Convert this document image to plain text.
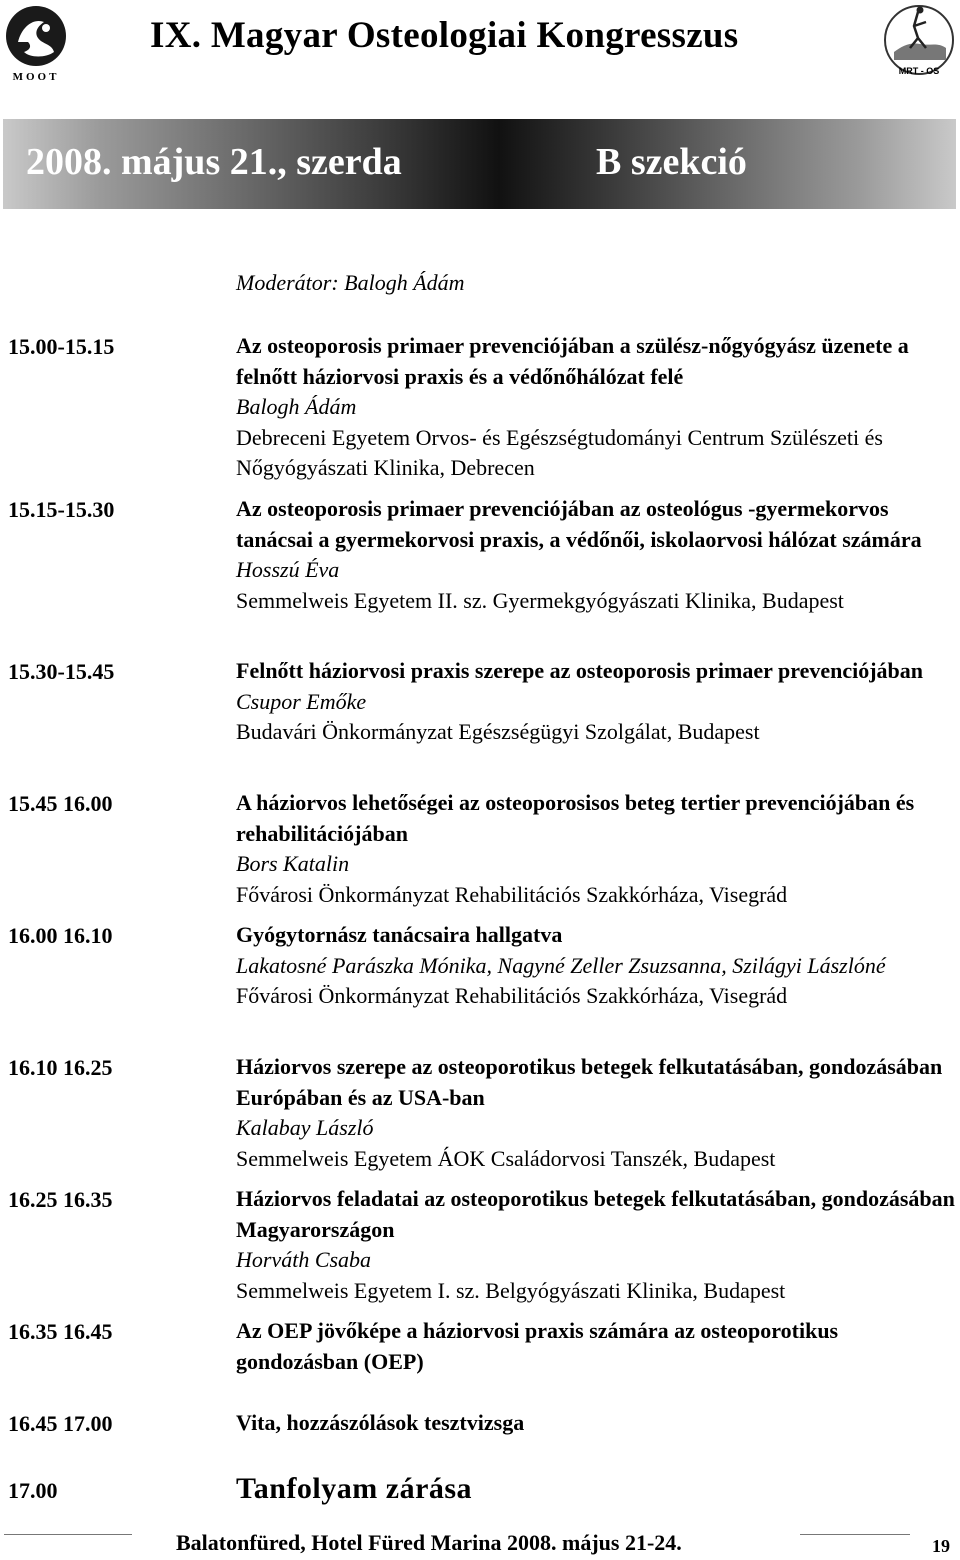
MOOT
IX. Magyar Osteologiai Kongresszus
MRT - OS
2008. május 21., szerda	B szekció
Moderátor: Balogh Ádám
15.00-15.15	Az osteoporosis primaer prevenciójában a szülész-nőgyógyász üzenete a felnőtt háziorvosi praxis és a védőnőhálózat felé
Balogh Ádám
Debreceni Egyetem Orvos- és Egészségtudományi Centrum Szülészeti és Nőgyógyászati Klinika, Debrecen
15.15-15.30	Az osteoporosis primaer prevenciójában az osteológus -gyermekorvos tanácsai a gyermekorvosi praxis, a védőnői, iskolaorvosi hálózat számára
Hosszú Éva
Semmelweis Egyetem II. sz. Gyermekgyógyászati Klinika, Budapest
15.30-15.45	Felnőtt háziorvosi praxis szerepe az osteoporosis primaer prevenciójában
Csupor Emőke
Budavári Önkormányzat Egészségügyi Szolgálat, Budapest
15.45 16.00	A háziorvos lehetőségei az osteoporosisos beteg tertier prevenciójában és rehabilitációjában
Bors Katalin
Fővárosi Önkormányzat Rehabilitációs Szakkórháza, Visegrád
16.00 16.10	Gyógytornász tanácsaira hallgatva
Lakatosné Parászka Mónika, Nagyné Zeller Zsuzsanna, Szilágyi Lászlóné
Fővárosi Önkormányzat Rehabilitációs Szakkórháza, Visegrád
16.10 16.25	Háziorvos szerepe az osteoporotikus betegek felkutatásában, gondozásában Európában és az USA-ban
Kalabay László
Semmelweis Egyetem ÁOK Családorvosi Tanszék, Budapest
16.25 16.35	Háziorvos feladatai az osteoporotikus betegek felkutatásában, gondozásában Magyarországon
Horváth Csaba
Semmelweis Egyetem I. sz. Belgyógyászati Klinika, Budapest
16.35 16.45	Az OEP jövőképe a háziorvosi praxis számára az osteoporotikus gondozásban (OEP)
16.45 17.00	Vita, hozzászólások tesztvizsga
17.00	Tanfolyam zárása
Balatonfüred, Hotel Füred Marina 2008. május 21-24.	19
